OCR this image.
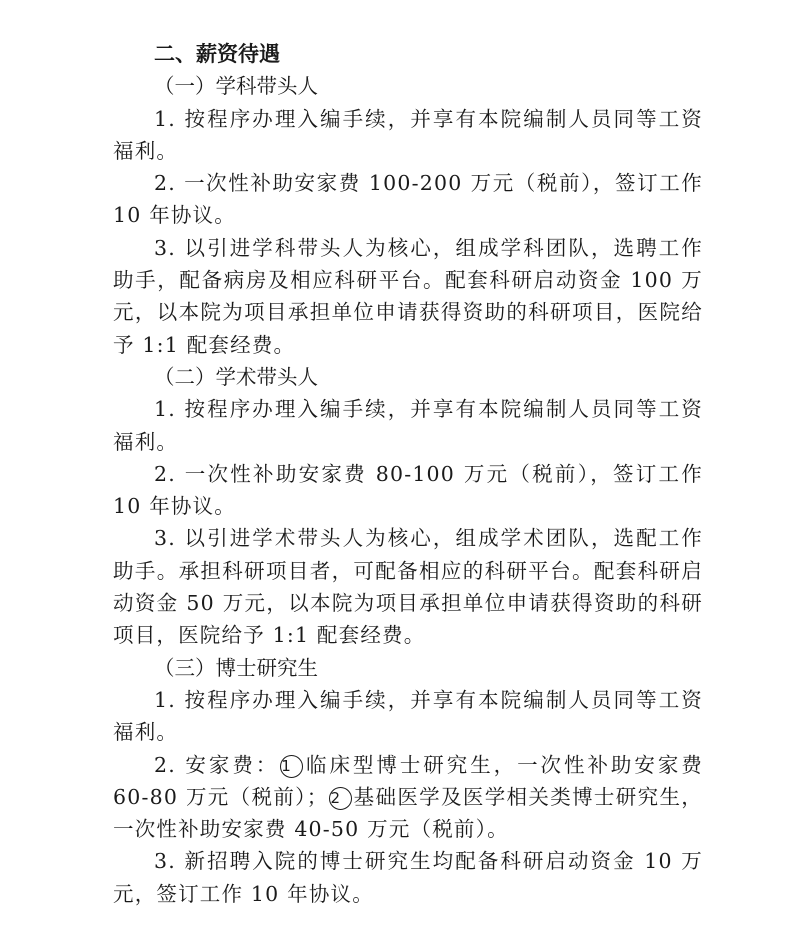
二、薪资待遇

（一）学科带头人

1. 按程序办理入编手续，并享有本院编制人员同等工资福利。

2. 一次性补助安家费 100-200 万元（税前），签订工作 10 年协议。

3. 以引进学科带头人为核心，组成学科团队，选聘工作助手，配备病房及相应科研平台。配套科研启动资金 100 万元，以本院为项目承担单位申请获得资助的科研项目，医院给予 1:1 配套经费。

（二）学术带头人

1. 按程序办理入编手续，并享有本院编制人员同等工资福利。

2. 一次性补助安家费 80-100 万元（税前），签订工作 10 年协议。

3. 以引进学术带头人为核心，组成学术团队，选配工作助手。承担科研项目者，可配备相应的科研平台。配套科研启动资金 50 万元，以本院为项目承担单位申请获得资助的科研项目，医院给予 1:1 配套经费。

（三）博士研究生

1. 按程序办理入编手续，并享有本院编制人员同等工资福利。

2. 安家费： 1 临床型博士研究生，一次性补助安家费 60-80 万元（税前）； 2 基础医学及医学相关类博士研究生，一次性补助安家费 40-50 万元（税前）。

3. 新招聘入院的博士研究生均配备科研启动资金 10 万元，签订工作 10 年协议。
